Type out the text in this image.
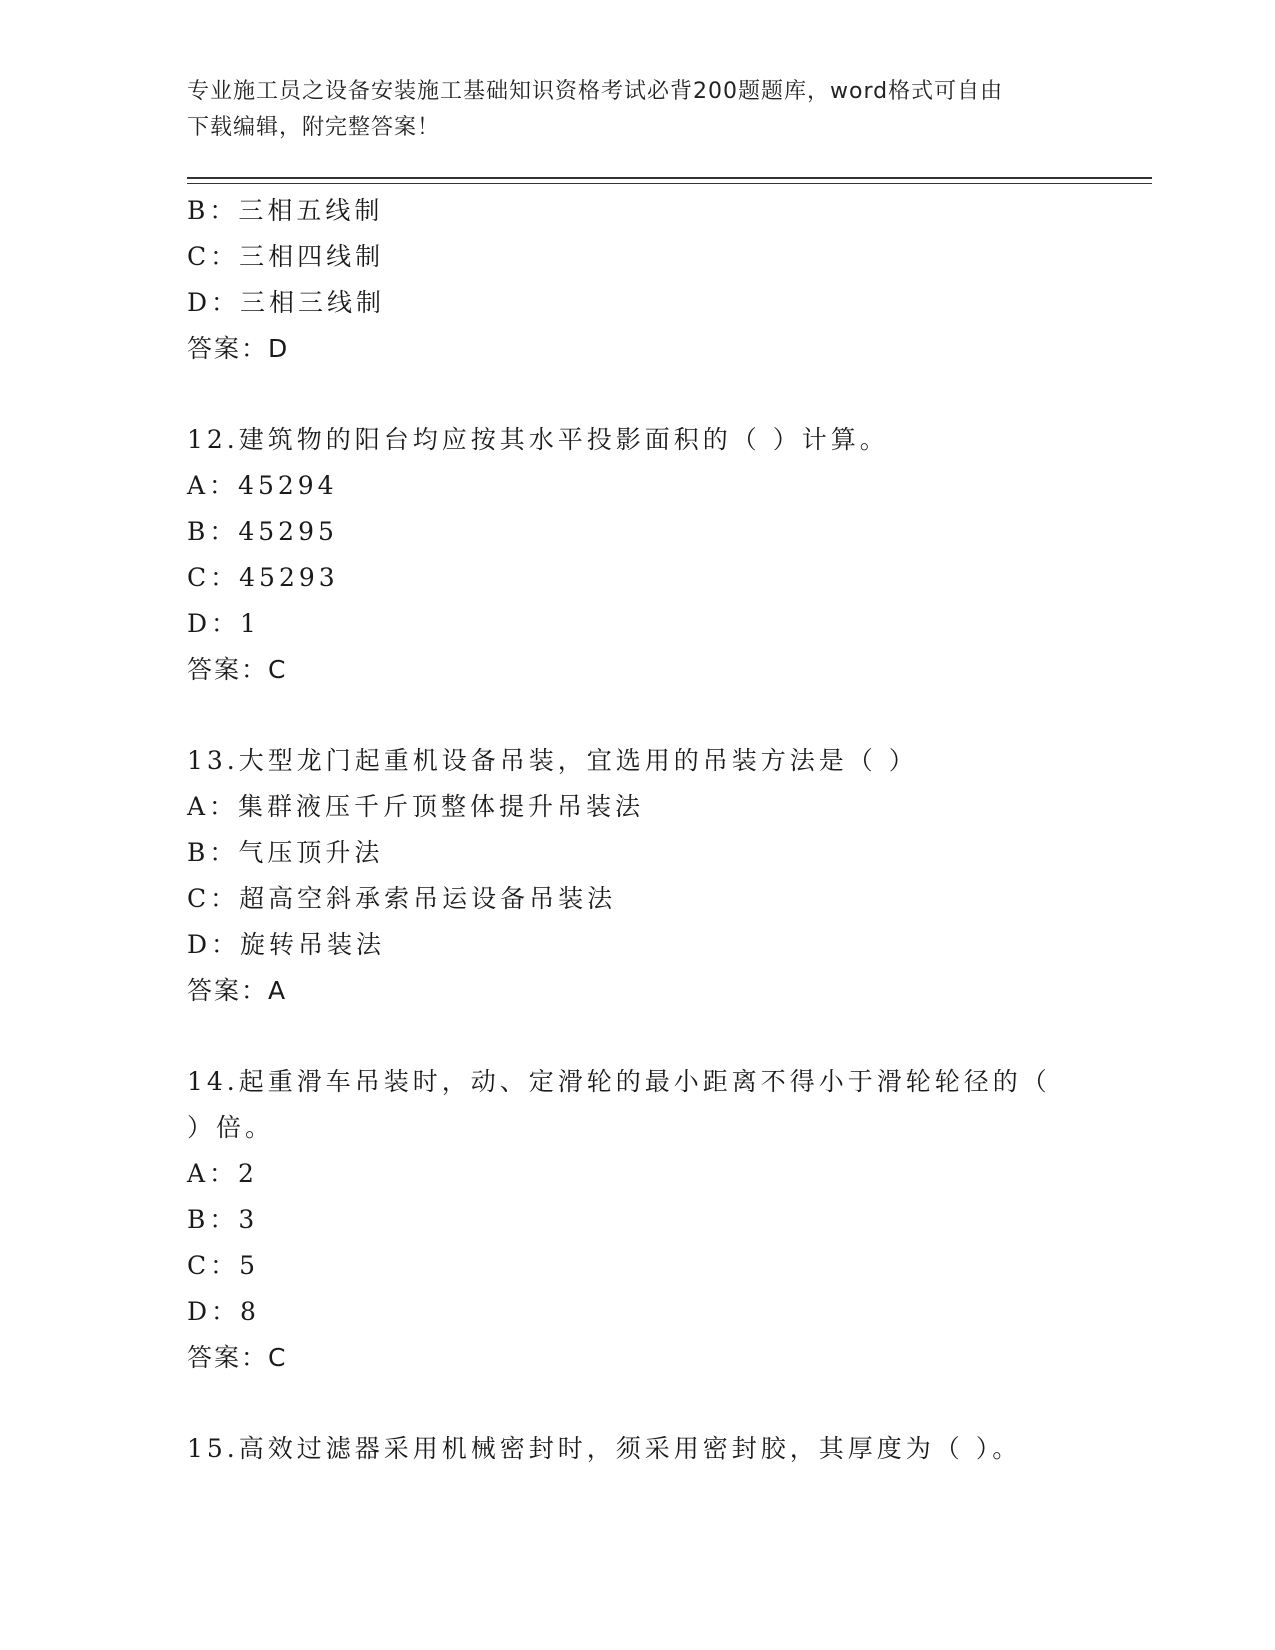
专业施工员之设备安装施工基础知识资格考试必背200题题库，word格式可自由
下载编辑，附完整答案！
B：三相五线制
C：三相四线制
D：三相三线制
答案：D
12.建筑物的阳台均应按其水平投影面积的（ ）计算。
A：45294
B：45295
C：45293
D：1
答案：C
13.大型龙门起重机设备吊装，宜选用的吊装方法是（ ）
A：集群液压千斤顶整体提升吊装法
B：气压顶升法
C：超高空斜承索吊运设备吊装法
D：旋转吊装法
答案：A
14.起重滑车吊装时，动、定滑轮的最小距离不得小于滑轮轮径的（
）倍。
A：2
B：3
C：5
D：8
答案：C
15.高效过滤器采用机械密封时，须采用密封胶，其厚度为（ ）。
